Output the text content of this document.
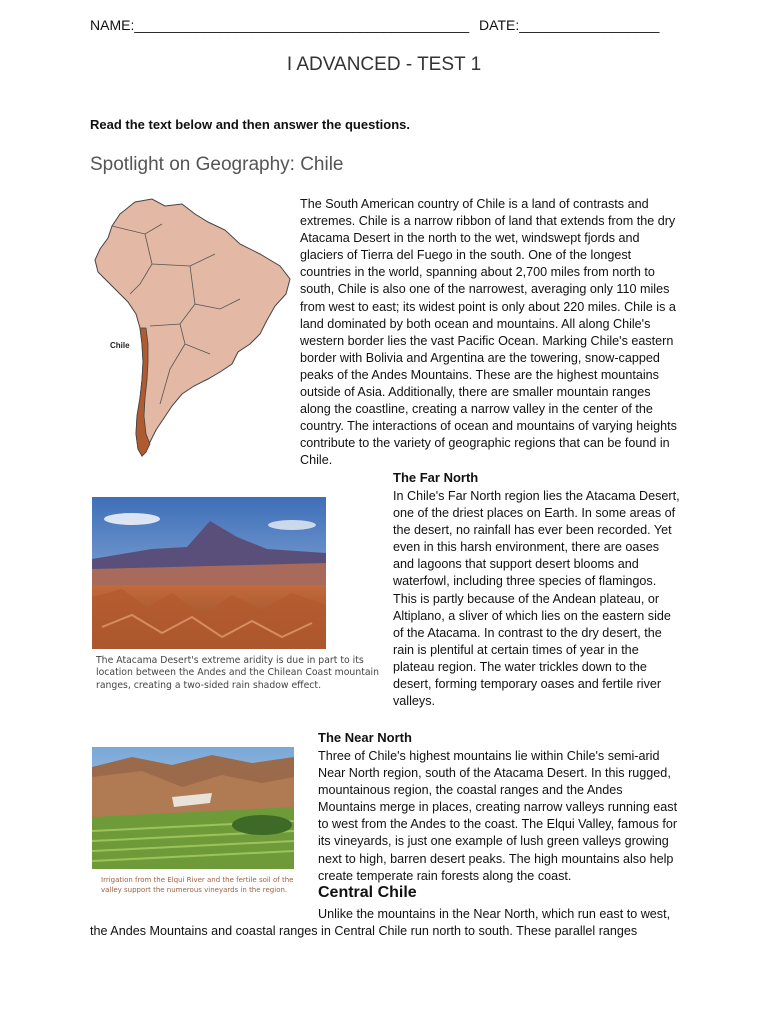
NAME:___________________________________________ DATE:__________________
I ADVANCED - TEST 1
Read the text below and then answer the questions.
Spotlight on Geography: Chile
Chile

The South American country of Chile is a land of contrasts and extremes. Chile is a narrow ribbon of land that extends from the dry Atacama Desert in the north to the wet, windswept fjords and glaciers of Tierra del Fuego in the south. One of the longest countries in the world, spanning about 2,700 miles from north to south, Chile is also one of the narrowest, averaging only 110 miles from west to east; its widest point is only about 220 miles. Chile is a land dominated by both ocean and mountains. All along Chile's western border lies the vast Pacific Ocean. Marking Chile's eastern border with Bolivia and Argentina are the towering, snow-capped peaks of the Andes Mountains. These are the highest mountains outside of Asia. Additionally, there are smaller mountain ranges along the coastline, creating a narrow valley in the center of the country. The interactions of ocean and mountains of varying heights contribute to the variety of geographic regions that can be found in Chile.

The Atacama Desert's extreme aridity is due in part to its location between the Andes and the Chilean Coast mountain ranges, creating a two-sided rain shadow effect.
The Far North

In Chile's Far North region lies the Atacama Desert, one of the driest places on Earth. In some areas of the desert, no rainfall has ever been recorded. Yet even in this harsh environment, there are oases and lagoons that support desert blooms and waterfowl, including three species of flamingos. This is partly because of the Andean plateau, or Altiplano, a sliver of which lies on the eastern side of the Atacama. In contrast to the dry desert, the rain is plentiful at certain times of year in the plateau region. The water trickles down to the desert, forming temporary oases and fertile river valleys.

Irrigation from the Elqui River and the fertile soil of the valley support the numerous vineyards in the region.
The Near North

Three of Chile's highest mountains lie within Chile's semi-arid Near North region, south of the Atacama Desert. In this rugged, mountainous region, the coastal ranges and the Andes Mountains merge in places, creating narrow valleys running east to west from the Andes to the coast. The Elqui Valley, famous for its vineyards, is just one example of lush green valleys growing next to high, barren desert peaks. The high mountains also help create temperate rain forests along the coast.

Central Chile

Unlike the mountains in the Near North, which run east to west,

the Andes Mountains and coastal ranges in Central Chile run north to south. These parallel ranges
